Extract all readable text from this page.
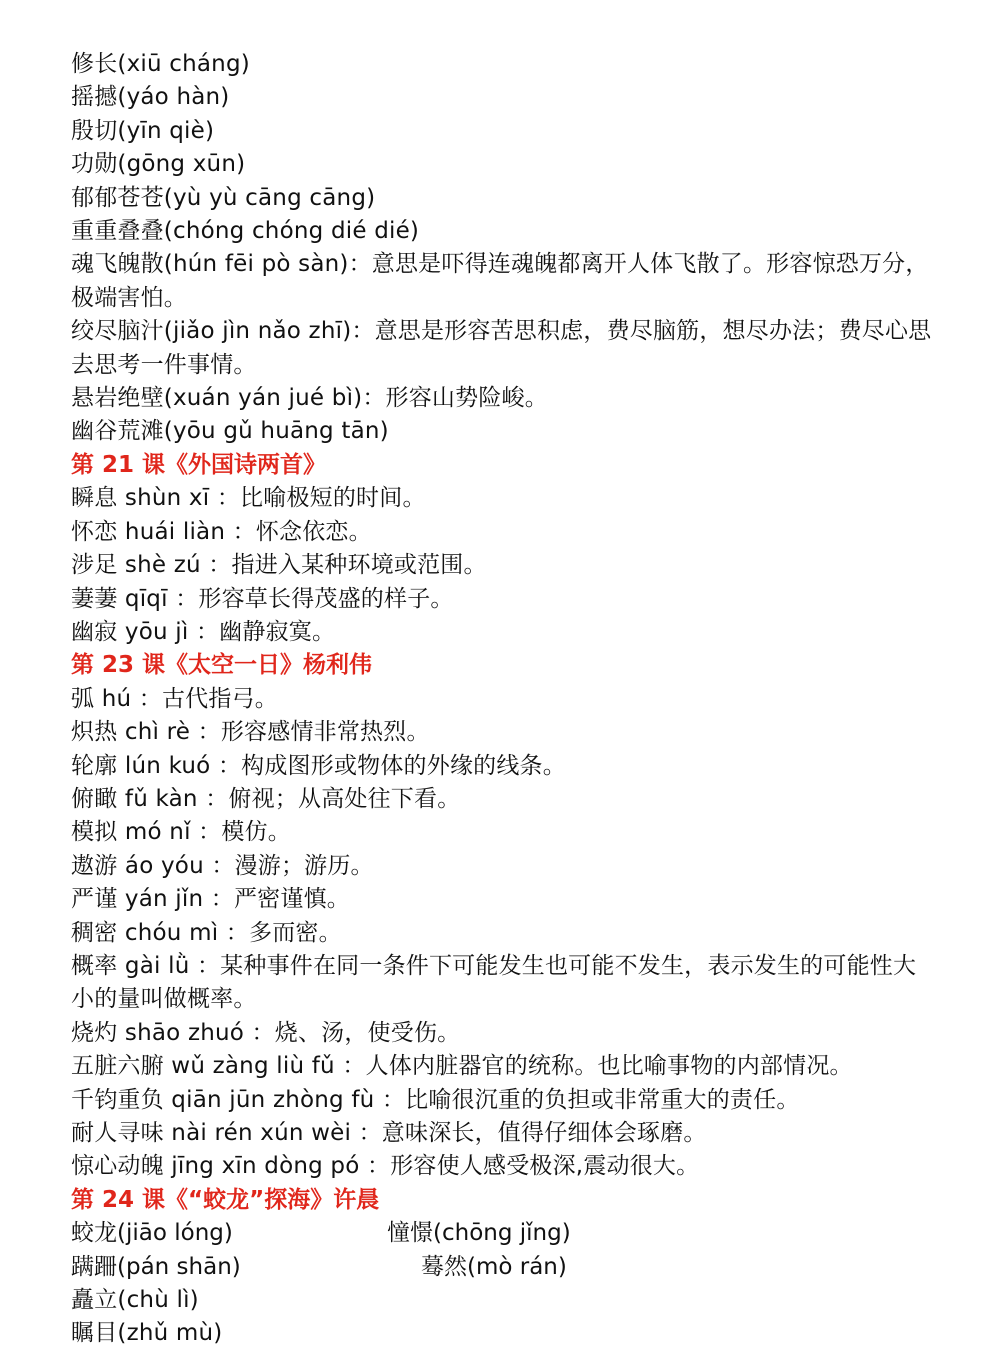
修长(xiū cháng)
摇撼(yáo hàn)
殷切(yīn qiè)
功勋(gōng xūn)
郁郁苍苍(yù yù cāng cāng)
重重叠叠(chóng chóng dié dié)
魂飞魄散(hún fēi pò sàn)：意思是吓得连魂魄都离开人体飞散了。形容惊恐万分，极端害怕。
绞尽脑汁(jiǎo jìn nǎo zhī)：意思是形容苦思积虑，费尽脑筋，想尽办法；费尽心思去思考一件事情。
悬岩绝壁(xuán yán jué bì)：形容山势险峻。
幽谷荒滩(yōu gǔ huāng tān)
第 21 课《外国诗两首》
瞬息 shùn xī ：比喻极短的时间。
怀恋 huái liàn ：怀念依恋。
涉足 shè zú ：指进入某种环境或范围。
萋萋 qīqī ：形容草长得茂盛的样子。
幽寂 yōu jì ：幽静寂寞。
第 23 课《太空一日》杨利伟
弧 hú ：古代指弓。
炽热 chì rè ：形容感情非常热烈。
轮廓 lún kuó ：构成图形或物体的外缘的线条。
俯瞰 fǔ kàn ：俯视；从高处往下看。
模拟 mó nǐ ：模仿。
遨游 áo yóu ：漫游；游历。
严谨 yán jǐn ：严密谨慎。
稠密 chóu mì ：多而密。
概率 gài lǜ ：某种事件在同一条件下可能发生也可能不发生，表示发生的可能性大小的量叫做概率。
烧灼 shāo zhuó ：烧、汤，使受伤。
五脏六腑 wǔ zàng liù fǔ ：人体内脏器官的统称。也比喻事物的内部情况。
千钧重负 qiān jūn zhòng fù ：比喻很沉重的负担或非常重大的责任。
耐人寻味 nài rén xún wèi ：意味深长，值得仔细体会琢磨。
惊心动魄 jīng xīn dòng pó ：形容使人感受极深,震动很大。
第 24 课《“蛟龙”探海》许晨
蛟龙(jiāo lóng)	憧憬(chōng jǐng)
蹒跚(pán shān)	蓦然(mò rán)
矗立(chù lì)
瞩目(zhǔ mù)
